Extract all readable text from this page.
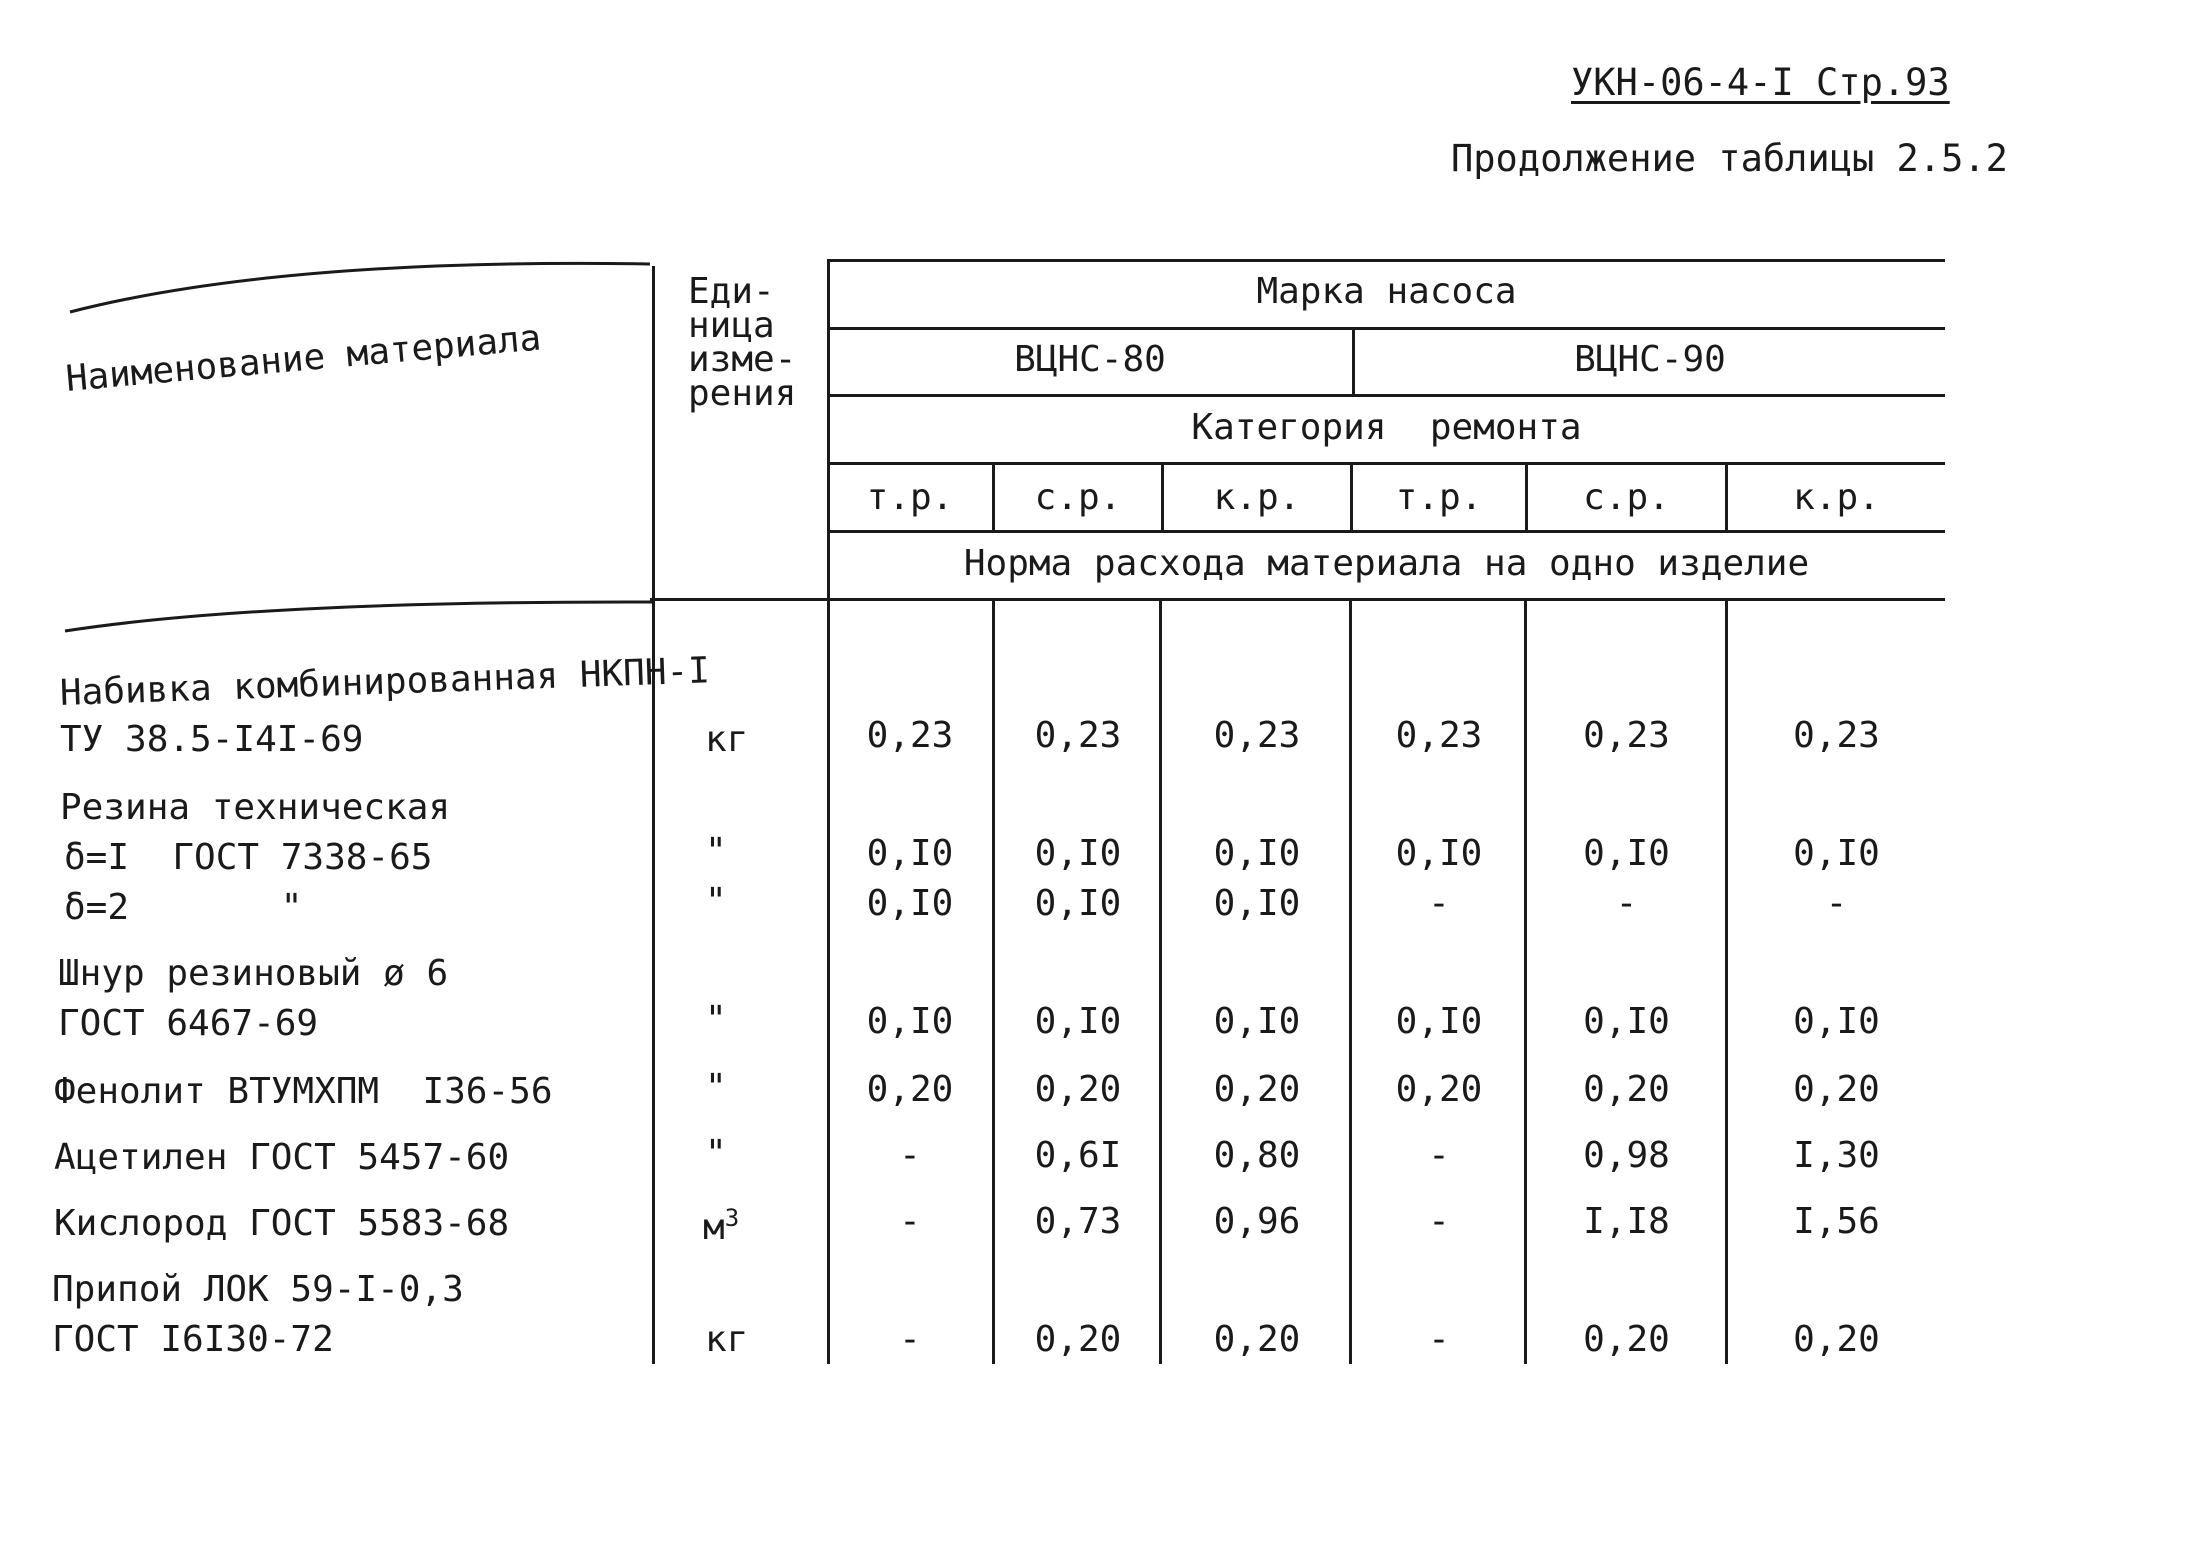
УКН-06-4-I Стр.93
Продолжение таблицы 2.5.2
Наименование материала
Еди-
ница
изме-
рения
Марка насоса
ВЦНС-80	ВЦНС-90
Категория  ремонта
т.р.	с.р.	к.р.	т.р.	с.р.	к.р.
Норма расхода материала на одно изделие
Набивка комбинированная НКПН-I
ТУ 38.5-I4I-69	кг	0,23	0,23	0,23	0,23	0,23	0,23
Резина техническая
δ=I  ГОСТ 7338-65	"	0,I0	0,I0	0,I0	0,I0	0,I0	0,I0
δ=2       "	"	0,I0	0,I0	0,I0	-	-	-
Шнур резиновый ø 6
ГОСТ 6467-69	"	0,I0	0,I0	0,I0	0,I0	0,I0	0,I0
Фенолит ВТУМХПМ  I36-56	"	0,20	0,20	0,20	0,20	0,20	0,20
Ацетилен ГОСТ 5457-60	"	-	0,6I	0,80	-	0,98	I,30
Кислород ГОСТ 5583-68	$м^3$	-	0,73	0,96	-	I,I8	I,56
Припой ЛОК 59-I-0,3
ГОСТ I6I30-72	кг	-	0,20	0,20	-	0,20	0,20
